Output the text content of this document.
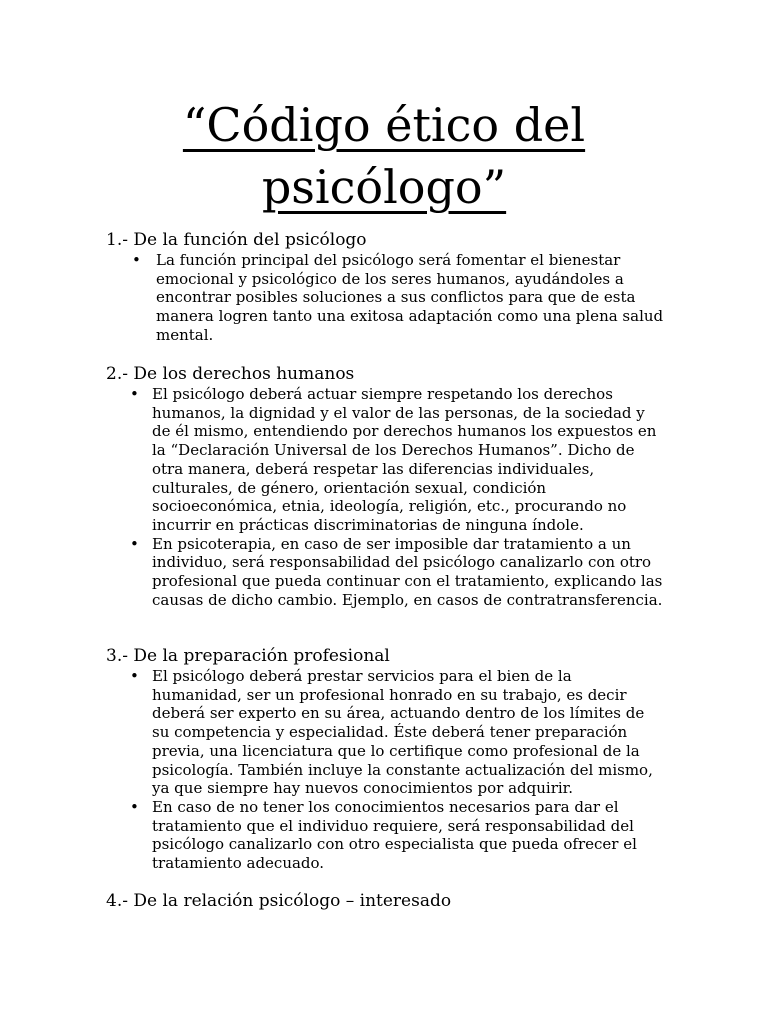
“Código ético del
psicólogo”
1.- De la función del psicólogo
• La función principal del psicólogo será fomentar el bienestar emocional y psicológico de los seres humanos, ayudándoles a encontrar posibles soluciones a sus conflictos para que de esta manera logren tanto una exitosa adaptación como una plena salud mental.
2.- De los derechos humanos
• El psicólogo deberá actuar siempre respetando los derechos humanos, la dignidad y el valor de las personas, de la sociedad y de él mismo, entendiendo por derechos humanos los expuestos en la “Declaración Universal de los Derechos Humanos”. Dicho de otra manera, deberá respetar las diferencias individuales, culturales, de género, orientación sexual, condición socioeconómica, etnia, ideología, religión, etc., procurando no incurrir en prácticas discriminatorias de ninguna índole.
• En psicoterapia, en caso de ser imposible dar tratamiento a un individuo, será responsabilidad del psicólogo canalizarlo con otro profesional que pueda continuar con el tratamiento, explicando las causas de dicho cambio. Ejemplo, en casos de contratransferencia.
3.- De la preparación profesional
• El psicólogo deberá prestar servicios para el bien de la humanidad, ser un profesional honrado en su trabajo, es decir deberá ser experto en su área, actuando dentro de los límites de su competencia y especialidad. Éste deberá tener preparación previa, una licenciatura que lo certifique como profesional de la psicología. También incluye la constante actualización del mismo, ya que siempre hay nuevos conocimientos por adquirir.
• En caso de no tener los conocimientos necesarios para dar el tratamiento que el individuo requiere, será responsabilidad del psicólogo canalizarlo con otro especialista que pueda ofrecer el tratamiento adecuado.
4.- De la relación psicólogo – interesado
